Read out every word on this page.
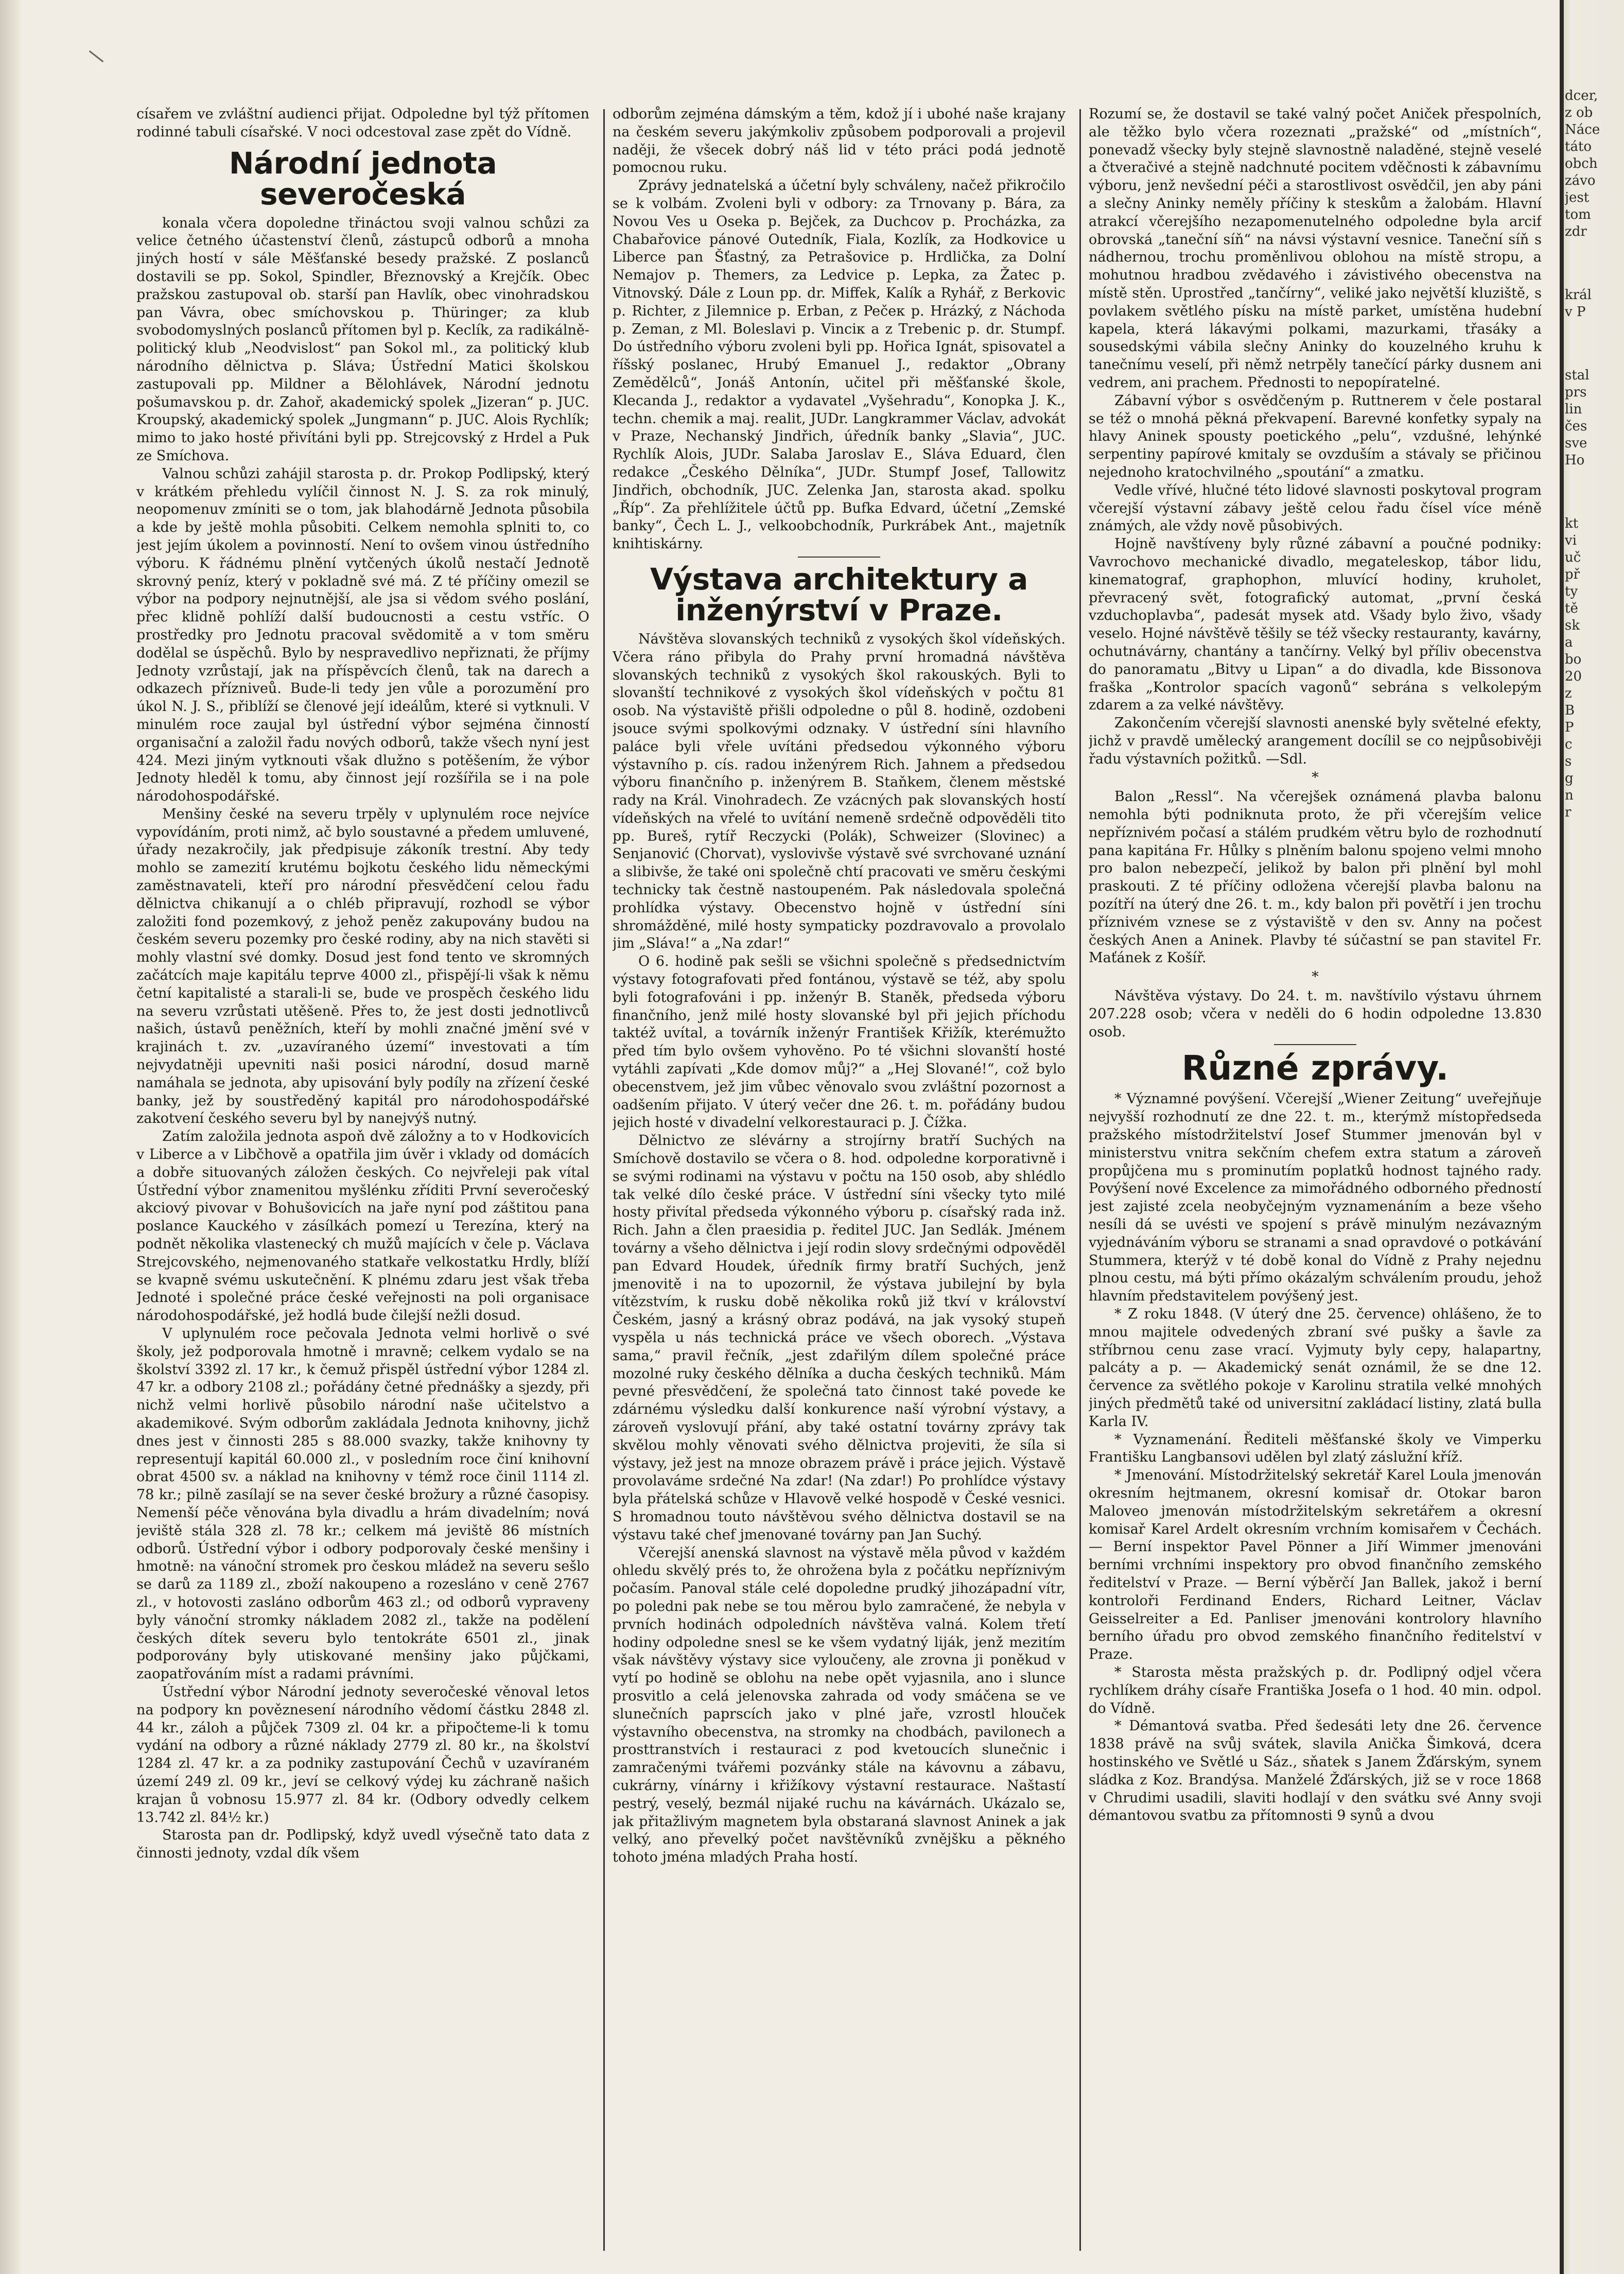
císařem ve zvláštní audienci přijat. Odpoledne byl týž přítomen rodinné tabuli císařské. V noci odcestoval zase zpět do Vídně.

Národní jednota severočeská

konala včera dopoledne třináctou svoji valnou schůzi za velice četného účastenství členů, zástupců odborů a mnoha jiných hostí v sále Měšťanské besedy pražské. Z poslanců dostavili se pp. Sokol, Spindler, Březnovský a Krejčík. Obec pražskou zastupoval ob. starší pan Havlík, obec vinohradskou pan Vávra, obec smíchovskou p. Thüringer; za klub svobodomyslných poslanců přítomen byl p. Keclík, za radikálně-politický klub „Neodvislost“ pan Sokol ml., za politický klub národního dělnictva p. Sláva; Ústřední Matici školskou zastupovali pp. Mildner a Bělohlávek, Národní jednotu pošumavskou p. dr. Zahoř, akademický spolek „Jizeran“ p. JUC. Kroupský, akademický spolek „Jungmann“ p. JUC. Alois Rychlík; mimo to jako hosté přivítáni byli pp. Strejcovský z Hrdel a Puk ze Smíchova.

Valnou schůzi zahájil starosta p. dr. Prokop Podlipský, který v krátkém přehledu vylíčil činnost N. J. S. za rok minulý, neopomenuv zmíniti se o tom, jak blahodárně Jednota působila a kde by ještě mohla působiti. Celkem nemohla splniti to, co jest jejím úkolem a povinností. Není to ovšem vinou ústředního výboru. K řádnému plnění vytčených úkolů nestačí Jednotě skrovný peníz, který v pokladně své má. Z té příčiny omezil se výbor na podpory nejnutnější, ale jsa si vědom svého poslání, přec klidně pohlíží další budoucnosti a cestu vstříc. O prostředky pro Jednotu pracoval svědomitě a v tom směru dodělal se úspěchů. Bylo by nespravedlivo nepřiznati, že příjmy Jednoty vzrůstají, jak na příspěvcích členů, tak na darech a odkazech přízniveů. Bude-li tedy jen vůle a porozumění pro úkol N. J. S., přiblíží se členové její ideálům, které si vytknuli. V minulém roce zaujal byl ústřední výbor sejména činností organisační a založil řadu nových odborů, takže všech nyní jest 424. Mezi jiným vytknouti však dlužno s potěšením, že výbor Jednoty hleděl k tomu, aby činnost její rozšířila se i na pole národohospodářské.

Menšiny české na severu trpěly v uplynulém roce nejvíce vypovídáním, proti nimž, ač bylo soustavné a předem umluvené, úřady nezakročily, jak předpisuje zákoník trestní. Aby tedy mohlo se zamezití krutému bojkotu českého lidu německými zaměstnavateli, kteří pro národní přesvědčení celou řadu dělnictva chikanují a o chléb připravují, rozhodl se výbor založiti fond pozemkový, z jehož peněz zakupovány budou na českém severu pozemky pro české rodiny, aby na nich stavěti si mohly vlastní své domky. Dosud jest fond tento ve skromných začátcích maje kapitálu teprve 4000 zl., přispějí-li však k němu četní kapitalisté a starali-li se, bude ve prospěch českého lidu na severu vzrůstati utěšeně. Přes to, že jest dosti jednotlivců našich, ústavů peněžních, kteří by mohli značné jmění své v krajinách t. zv. „uzavíraného území“ investovati a tím nejvydatněji upevniti naši posici národní, dosud marně namáhala se jednota, aby upisování byly podíly na zřízení české banky, jež by soustředěný kapitál pro národohospodářské zakotvení českého severu byl by nanejvýš nutný.

Zatím založila jednota aspoň dvě záložny a to v Hodkovicích v Liberce a v Libčhově a opatřila jim úvěr i vklady od domácích a dobře situovaných záložen českých. Co nejvřeleji pak vítal Ústřední výbor znamenitou myšlénku zříditi První severočeský akciový pivovar v Bohušovicích na jaře nyní pod záštitou pana poslance Kauckého v zásílkách pomezí u Terezína, který na podnět několika vlastenecký ch mužů majících v čele p. Václava Strejcovského, nejmenovaného statkaře velkostatku Hrdly, blíží se kvapně svému uskutečnění. K plnému zdaru jest však třeba Jednoté i společné práce české veřejnosti na poli organisace národohospodářské, jež hodlá bude čilejší nežli dosud.

V uplynulém roce pečovala Jednota velmi horlivě o své školy, jež podporovala hmotně i mravně; celkem vydalo se na školství 3392 zl. 17 kr., k čemuž přispěl ústřední výbor 1284 zl. 47 kr. a odbory 2108 zl.; pořádány četné přednášky a sjezdy, při nichž velmi horlivě působilo národní naše učitelstvo a akademikové. Svým odborům zakládala Jednota knihovny, jichž dnes jest v činnosti 285 s 88.000 svazky, takže knihovny ty representují kapitál 60.000 zl., v posledním roce činí knihovní obrat 4500 sv. a náklad na knihovny v témž roce činil 1114 zl. 78 kr.; pilně zasílají se na sever české brožury a různé časopisy. Nemenší péče věnována byla divadlu a hrám divadelním; nová jeviště stála 328 zl. 78 kr.; celkem má jeviště 86 místních odborů. Ústřední výbor i odbory podporovaly české menšiny i hmotně: na vánoční stromek pro českou mládež na severu sešlo se darů za 1189 zl., zboží nakoupeno a rozesláno v ceně 2767 zl., v hotovosti zasláno odborům 463 zl.; od odborů vypraveny byly vánoční stromky nákladem 2082 zl., takže na podělení českých dítek severu bylo tentokráte 6501 zl., jinak podporovány byly utiskované menšiny jako půjčkami, zaopatřováním míst a radami právními.

Ústřední výbor Národní jednoty severočeské věnoval letos na podpory kn pověznesení národního vědomí částku 2848 zl. 44 kr., záloh a půjček 7309 zl. 04 kr. a připočteme-li k tomu vydání na odbory a různé náklady 2779 zl. 80 kr., na školství 1284 zl. 47 kr. a za podniky zastupování Čechů v uzavíraném území 249 zl. 09 kr., jeví se celkový výdej ku záchraně našich krajan ů vobnosu 15.977 zl. 84 kr. (Odbory odvedly celkem 13.742 zl. 84½ kr.)

Starosta pan dr. Podlipský, když uvedl výsečně tato data z činnosti jednoty, vzdal dík všem

odborům zejména dámským a těm, kdož jí i ubohé naše krajany na českém severu jakýmkoliv způsobem podporovali a projevil naději, že všecek dobrý náš lid v této práci podá jednotě pomocnou ruku.

Zprávy jednatelská a účetní byly schváleny, načež přikročilo se k volbám. Zvoleni byli v odbory: za Trnovany p. Bára, za Novou Ves u Oseka p. Bejček, za Duchcov p. Procházka, za Chabařovice pánové Outedník, Fiala, Kozlík, za Hodkovice u Liberce pan Šťastný, za Petrašovice p. Hrdlička, za Dolní Nemajov p. Themers, za Ledvice p. Lepka, za Žatec p. Vitnovský. Dále z Loun pp. dr. Miffek, Kalík a Ryhář, z Berkovic p. Richter, z Jilemnice p. Erban, z Pečeк p. Hrázký, z Náchoda p. Zeman, z Ml. Boleslavi p. Vinciк a z Trebenic p. dr. Stumpf. Do ústředního výboru zvoleni byli pp. Hořica Ignát, spisovatel a říšský poslanec, Hrubý Emanuel J., redaktor „Obrany Zemědělců“, Jonáš Antonín, učitel při měšťanské škole, Klecanda J., redaktor a vydavatel „Vyšehradu“, Konopka J. K., techn. chemik a maj. realit, JUDr. Langkrammer Václav, advokát v Praze, Nechanský Jindřich, úředník banky „Slavia“, JUC. Rychlík Alois, JUDr. Salaba Jaroslav E., Sláva Eduard, člen redakce „Českého Dělníka“, JUDr. Stumpf Josef, Tallowitz Jindřich, obchodník, JUC. Zelenka Jan, starosta akad. spolku „Říp“. Za přehlížitele účtů pp. Bufka Edvard, účetní „Zemské banky“, Čech L. J., velkoobchodník, Purkrábek Ant., majetník knihtiskárny.

Výstava architektury a inženýrství v Praze.

Návštěva slovanských techniků z vysokých škol vídeňských. Včera ráno přibyla do Prahy první hromadná návštěva slovanských techniků z vysokých škol rakouských. Byli to slovanští technikové z vysokých škol vídeňských v počtu 81 osob. Na výstaviště přišli odpoledne o půl 8. hodině, ozdobeni jsouce svými spolkovými odznaky. V ústřední síni hlavního paláce byli vřele uvítáni předsedou výkonného výboru výstavního p. cís. radou inženýrem Rich. Jahnem a předsedou výboru finančního p. inženýrem B. Staňkem, členem městské rady na Král. Vinohradech. Ze vzácných pak slovanských hostí vídeňských na vřelé to uvítání nemeně srdečně odpověděli tito pp. Bureš, rytíř Reczycki (Polák), Schweizer (Slovinec) a Senjanović (Chorvat), vyslovivše výstavě své svrchované uznání a slibivše, že také oni společně chtí pracovati ve směru českými technicky tak čestně nastoupeném. Pak následovala společná prohlídka výstavy. Obecenstvo hojně v ústřední síni shromážděné, milé hosty sympaticky pozdravovalo a provolalo jim „Sláva!“ a „Na zdar!“

O 6. hodině pak sešli se všichni společně s předsednictvím výstavy fotografovati před fontánou, výstavě se též, aby spolu byli fotografováni i pp. inženýr B. Staněk, předseda výboru finančního, jenž milé hosty slovanské byl při jejich příchodu taktéž uvítal, a továrník inženýr František Křižík, kterémužto před tím bylo ovšem vyhověno. Po té všichni slovanští hosté vytáhli zapívati „Kde domov můj?“ a „Hej Slované!“, což bylo obecenstvem, jež jim vůbec věnovalo svou zvláštní pozornost a oadšením přijato. V úterý večer dne 26. t. m. pořádány budou jejich hosté v divadelní velkorestauraci p. J. Čížka.

Dělnictvo ze slévárny a strojírny bratří Suchých na Smíchově dostavilo se včera o 8. hod. odpoledne korporativně i se svými rodinami na výstavu v počtu na 150 osob, aby shlédlo tak velké dílo české práce. V ústřední síni všecky tyto milé hosty přivítal předseda výkonného výboru p. císařský rada inž. Rich. Jahn a člen praesidia p. ředitel JUC. Jan Sedlák. Jménem továrny a všeho dělnictva i její rodin slovy srdečnými odpověděl pan Edvard Houdek, úředník firmy bratří Suchých, jenž jmenovitě i na to upozornil, že výstava jubilejní by byla vítězstvím, k rusku době několika roků již tkví v království Českém, jasný a krásný obraz podává, na jak vysoký stupeň vyspěla u nás technická práce ve všech oborech. „Výstava sama,“ pravil řečník, „jest zdařilým dílem společné práce mozolné ruky českého dělníka a ducha českých techniků. Mám pevné přesvědčení, že společná tato činnost také povede ke zdárnému výsledku další konkurence naší výrobní výstavy, a zároveň vyslovují přání, aby také ostatní továrny zprávy tak skvělou mohly věnovati svého dělnictva projeviti, že síla si výstavy, jež jest na mnoze obrazem právě i práce jejich. Výstavě provolaváme srdečné Na zdar! (Na zdar!) Po prohlídce výstavy byla přátelská schůze v Hlavově velké hospodě v České vesnici. S hromadnou touto návštěvou svého dělnictva dostavil se na výstavu také chef jmenované továrny pan Jan Suchý.

Včerejší anenská slavnost na výstavě měla původ v každém ohledu skvělý prés to, že ohrožena byla z počátku nepříznivým počasím. Panoval stále celé dopoledne prudký jihozápadní vítr, po poledni pak nebe se tou měrou bylo zamračené, že nebyla v prvních hodinách odpoledních návštěva valná. Kolem třetí hodiny odpoledne snesl se ke všem vydatný liják, jenž mezitím však návštěvy výstavy sice vyloučeny, ale zrovna ji poněkud v vytí po hodině se oblohu na nebe opět vyjasnila, ano i slunce prosvitlo a celá jelenovska zahrada od vody smáčena se ve slunečních paprscích jako v plné jaře, vzrostl hlouček výstavního obecenstva, na stromky na chodbách, pavilonech a prosttranstvích i restauraci z pod kvetoucích slunečnic i zamračenými tvářemi pozvánky stále na kávovnu a zábavu, cukrárny, vínárny i křižíkovy výstavní restaurace. Naštastí pestrý, veselý, bezmál nijaké ruchu na kávárnách. Ukázalo se, jak přitažlivým magnetem byla obstaraná slavnost Aninek a jak velký, ano převelký počet navštěvníků zvnějšku a pěkného tohoto jména mladých Praha hostí.

Rozumí se, že dostavil se také valný počet Aniček přespolních, ale těžko bylo včera rozeznati „pražské“ od „místních“, ponevadž všecky byly stejně slavnostně naladěné, stejně veselé a čtveračivé a stejně nadchnuté pocitem vděčnosti k zábavnímu výboru, jenž nevšední péči a starostlivost osvědčil, jen aby páni a slečny Aninky neměly příčiny k steskům a žalobám. Hlavní atrakcí včerejšího nezapomenutelného odpoledne byla arcif obrovská „taneční síň“ na návsi výstavní vesnice. Taneční síň s nádhernou, trochu proměnlivou oblohou na místě stropu, a mohutnou hradbou zvědavého i závistivého obecenstva na místě stěn. Uprostřed „tančírny“, veliké jako největší kluziště, s povlakem světlého písku na místě parket, umístěna hudební kapela, která lákavými polkami, mazurkami, třasáky a sousedskými vábila slečny Aninky do kouzelného kruhu k tanečnímu veselí, při němž netrpěly tanečící párky dusnem ani vedrem, ani prachem. Přednosti to nepopíratelné.

Zábavní výbor s osvědčeným p. Ruttnerem v čele postaral se též o mnohá pěkná překvapení. Barevné konfetky sypaly na hlavy Aninek spousty poetického „pelu“, vzdušné, lehýnké serpentiny papírové kmitaly se ovzduším a stávaly se přičinou nejednoho kratochvilného „spoutání“ a zmatku.

Vedle vřívé, hlučné této lidové slavnosti poskytoval program včerejší výstavní zábavy ještě celou řadu čísel více méně známých, ale vždy nově působivých.

Hojně navštíveny byly různé zábavní a poučné podniky: Vavrochovo mechanické divadlo, megateleskop, tábor lidu, kinematograf, graphophon, mluvící hodiny, kruholet, převracený svět, fotografický automat, „první česká vzduchoplavba“, padesát mysek atd. Všady bylo živo, všady veselo. Hojné návštěvě těšily se též všecky restauranty, kavárny, ochutnávárny, chantány a tančírny. Velký byl příliv obecenstva do panoramatu „Bitvy u Lipan“ a do divadla, kde Bissonova fraška „Kontrolor spacích vagonů“ sebrána s velkolepým zdarem a za velké návštěvy.

Zakončením včerejší slavnosti anenské byly světelné efekty, jichž v pravdě umělecký arangement docílil se co nejpůsobivěji řadu výstavních požitků. —Sdl.

*

Balon „Ressl“. Na včerejšek oznámená plavba balonu nemohla býti podniknuta proto, že při včerejším velice nepříznivém počasí a stálém prudkém větru bylo de rozhodnutí pana kapitána Fr. Hůlky s plněním balonu spojeno velmi mnoho pro balon nebezpečí, jelikož by balon při plnění byl mohl praskouti. Z té příčiny odložena včerejší plavba balonu na pozítří na úterý dne 26. t. m., kdy balon při povětří i jen trochu příznivém vznese se z výstaviště v den sv. Anny na počest českých Anen a Aninek. Plavby té súčastní se pan stavitel Fr. Maťánek z Košíř.

*

Návštěva výstavy. Do 24. t. m. navštívilo výstavu úhrnem 207.228 osob; včera v neděli do 6 hodin odpoledne 13.830 osob.

Různé zprávy.

* Významné povýšení. Včerejší „Wiener Zeitung“ uveřejňuje nejvyšší rozhodnutí ze dne 22. t. m., kterýmž místopředseda pražského místodržitelství Josef Stummer jmenován byl v ministerstvu vnitra sekčním chefem extra statum a zároveň propůjčena mu s prominutím poplatků hodnost tajného rady. Povýšení nové Excelence za mimořádného odborného předností jest zajisté zcela neobyčejným vyznamenáním a beze všeho nesíli dá se uvésti ve spojení s právě minulým nezávazným vyjednáváním výboru se stranami a snad opravdové o potkávání Stummera, kterýž v té době konal do Vídně z Prahy nejednu plnou cestu, má býti přímo okázalým schválením proudu, jehož hlavním představitelem povýšený jest.

* Z roku 1848. (V úterý dne 25. července) ohlášeno, že to mnou majitele odvedených zbraní své pušky a šavle za stříbrnou cenu zase vrací. Vyjmuty byly cepy, halapartny, palcáty a p. — Akademický senát oznámil, že se dne 12. července za světlého pokoje v Karolinu stratila velké mnohých jiných předmětů také od universitní zakládací listiny, zlatá bulla Karla IV.

* Vyznamenání. Řediteli měšťanské školy ve Vimperku Františku Langbansovi udělen byl zlatý záslužní kříž.

* Jmenování. Místodržitelský sekretář Karel Loula jmenován okresním hejtmanem, okresní komisař dr. Otokar baron Maloveo jmenován místodržitelským sekretářem a okresní komisař Karel Ardelt okresním vrchním komisařem v Čechách. — Berní inspektor Pavel Pönner a Jiří Wimmer jmenováni berními vrchními inspektory pro obvod finančního zemského ředitelství v Praze. — Berní výběrčí Jan Ballek, jakož i berní kontroloři Ferdinand Enders, Richard Leitner, Václav Geisselreiter a Ed. Panliser jmenováni kontrolory hlavního berního úřadu pro obvod zemského finančního ředitelství v Praze.

* Starosta města pražských p. dr. Podlipný odjel včera rychlíkem dráhy císaře Františka Josefa o 1 hod. 40 min. odpol. do Vídně.

* Démantová svatba. Před šedesáti lety dne 26. července 1838 právě na svůj svátek, slavila Anička Šimková, dcera hostinského ve Světlé u Sáz., sňatek s Janem Žďárským, synem sládka z Koz. Brandýsa. Manželé Žďárských, již se v roce 1868 v Chrudimi usadili, slaviti hodlají v den svátku své Anny svoji démantovou svatbu za přítomnosti 9 synů a dvou

dcer,
z ob
Náce
táto
obch
závo
jest
tom
zdr
král
v P
stal
prs
lin
čes
sve
Ho
kt
vi
uč
př
ty
tě
sk
a
bo
20
z
B
P
c
s
g
n
r
